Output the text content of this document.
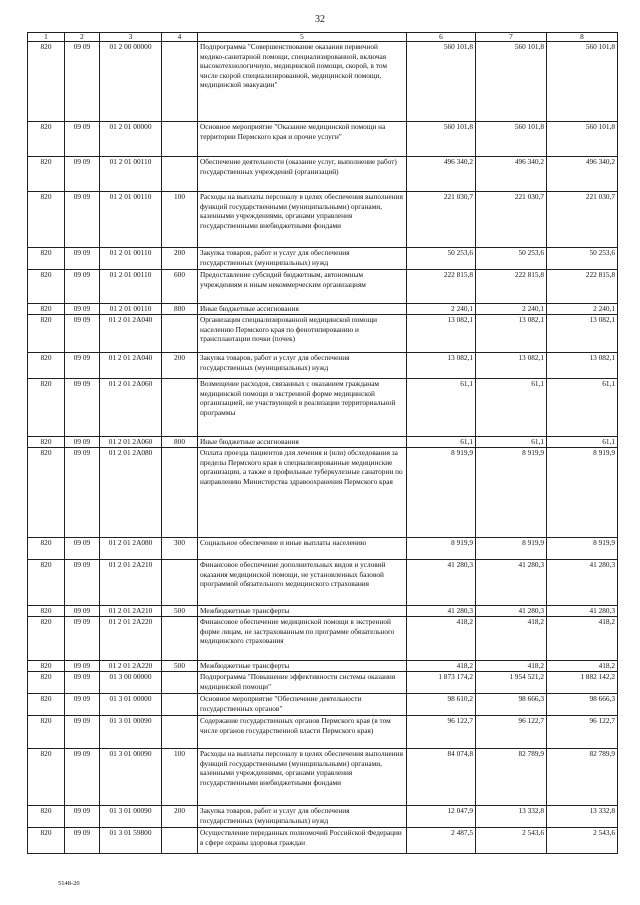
32
1	2	3	4	5	6	7	8
820	09 09	01 2 00 00000		Подпрограмма "Совершенствование оказания первичной медико-санитарной помощи, специализированной, включая высокотехнологичную, медицинской помощи, скорой, в том числе скорой специализированной, медицинской помощи, медицинской эвакуации"	560 101,8	560 101,8	560 101,8
820	09 09	01 2 01 00000		Основное мероприятие "Оказание медицинской помощи на территории Пермского края и прочие услуги"	560 101,8	560 101,8	560 101,8
820	09 09	01 2 01 00110		Обеспечение деятельности (оказание услуг, выполнение работ) государственных учреждений (организаций)	496 340,2	496 340,2	496 340,2
820	09 09	01 2 01 00110	100	Расходы на выплаты персоналу в целях обеспечения выполнения функций государственными (муниципальными) органами, казенными учреждениями, органами управления государственными внебюджетными фондами	221 030,7	221 030,7	221 030,7
820	09 09	01 2 01 00110	200	Закупка товаров, работ и услуг для обеспечения государственных (муниципальных) нужд	50 253,6	50 253,6	50 253,6
820	09 09	01 2 01 00110	600	Предоставление субсидий бюджетным, автономным учреждениям и иным некоммерческим организациям	222 815,8	222 815,8	222 815,8
820	09 09	01 2 01 00110	800	Иные бюджетные ассигнования	2 240,1	2 240,1	2 240,1
820	09 09	01 2 01 2А040		Организация специализированной медицинской помощи населению Пермского края по фенотипированию и трансплантации почки (почек)	13 082,1	13 082,1	13 082,1
820	09 09	01 2 01 2А040	200	Закупка товаров, работ и услуг для обеспечения государственных (муниципальных) нужд	13 082,1	13 082,1	13 082,1
820	09 09	01 2 01 2А060		Возмещение расходов, связанных с оказанием гражданам медицинской помощи в экстренной форме медицинской организацией, не участвующей в реализации территориальной программы	61,1	61,1	61,1
820	09 09	01 2 01 2А060	800	Иные бюджетные ассигнования	61,1	61,1	61,1
820	09 09	01 2 01 2А080		Оплата проезда пациентов для лечения и (или) обследования за пределы Пермского края в специализированные медицинские организации, а также в профильные туберкулезные санатории по направлению Министерства здравоохранения Пермского края	8 919,9	8 919,9	8 919,9
820	09 09	01 2 01 2А080	300	Социальное обеспечение и иные выплаты населению	8 919,9	8 919,9	8 919,9
820	09 09	01 2 01 2А210		Финансовое обеспечение дополнительных видов и условий оказания медицинской помощи, не установленных базовой программой обязательного медицинского страхования	41 280,3	41 280,3	41 280,3
820	09 09	01 2 01 2А210	500	Межбюджетные трансферты	41 280,3	41 280,3	41 280,3
820	09 09	01 2 01 2А220		Финансовое обеспечение медицинской помощи в экстренной форме лицам, не застрахованным по программе обязательного медицинского страхования	418,2	418,2	418,2
820	09 09	01 2 01 2А220	500	Межбюджетные трансферты	418,2	418,2	418,2
820	09 09	01 3 00 00000		Подпрограмма "Повышение эффективности системы оказания медицинской помощи"	1 873 174,2	1 954 521,2	1 882 142,2
820	09 09	01 3 01 00000		Основное мероприятие "Обеспечение деятельности государственных органов"	98 610,2	98 666,3	98 666,3
820	09 09	01 3 01 00090		Содержание государственных органов Пермского края (в том числе органов государственной власти Пермского края)	96 122,7	96 122,7	96 122,7
820	09 09	01 3 01 00090	100	Расходы на выплаты персоналу в целях обеспечения выполнения функций государственными (муниципальными) органами, казенными учреждениями, органами управления государственными внебюджетными фондами	84 074,8	82 789,9	82 789,9
820	09 09	01 3 01 00090	200	Закупка товаров, работ и услуг для обеспечения государственных (муниципальных) нужд	12 047,9	13 332,8	13 332,8
820	09 09	01 3 01 59800		Осуществление переданных полномочий Российской Федерации в сфере охраны здоровья граждан	2 487,5	2 543,6	2 543,6
5148-20
